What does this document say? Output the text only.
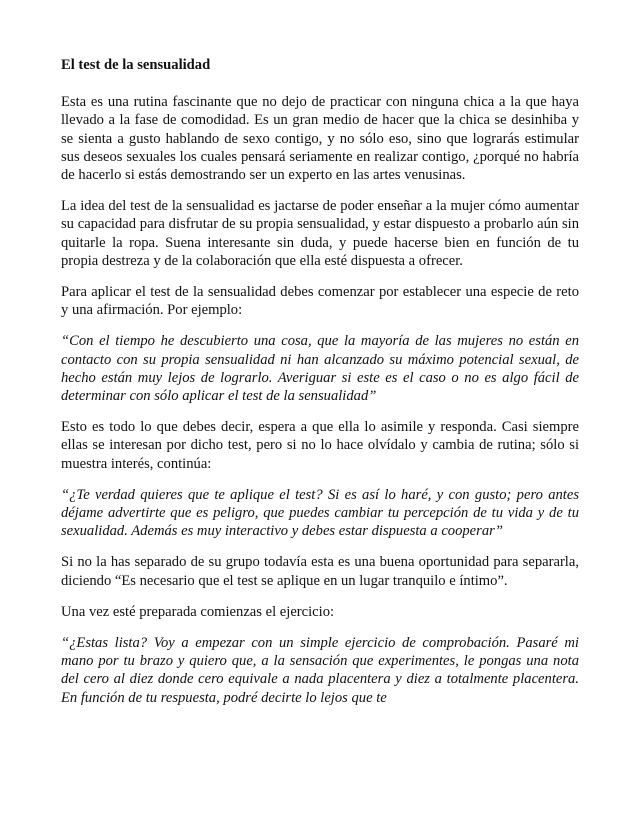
El test de la sensualidad

Esta es una rutina fascinante que no dejo de practicar con ninguna chica a la que haya llevado a la fase de comodidad. Es un gran medio de hacer que la chica se desinhiba y se sienta a gusto hablando de sexo contigo, y no sólo eso, sino que lograrás estimular sus deseos sexuales los cuales pensará seriamente en realizar contigo, ¿porqué no habría de hacerlo si estás demostrando ser un experto en las artes venusinas.

La idea del test de la sensualidad es jactarse de poder enseñar a la mujer cómo aumentar su capacidad para disfrutar de su propia sensualidad, y estar dispuesto a probarlo aún sin quitarle la ropa. Suena interesante sin duda, y puede hacerse bien en función de tu propia destreza y de la colaboración que ella esté dispuesta a ofrecer.

Para aplicar el test de la sensualidad debes comenzar por establecer una especie de reto y una afirmación. Por ejemplo:

“Con el tiempo he descubierto una cosa, que la mayoría de las mujeres no están en contacto con su propia sensualidad ni han alcanzado su máximo potencial sexual, de hecho están muy lejos de lograrlo. Averiguar si este es el caso o no es algo fácil de determinar con sólo aplicar el test de la sensualidad”

Esto es todo lo que debes decir, espera a que ella lo asimile y responda. Casi siempre ellas se interesan por dicho test, pero si no lo hace olvídalo y cambia de rutina; sólo si muestra interés, continúa:

“¿Te verdad quieres que te aplique el test? Si es así lo haré, y con gusto; pero antes déjame advertirte que es peligro, que puedes cambiar tu percepción de tu vida y de tu sexualidad. Además es muy interactivo y debes estar dispuesta a cooperar”

Si no la has separado de su grupo todavía esta es una buena oportunidad para separarla, diciendo “Es necesario que el test se aplique en un lugar tranquilo e íntimo”.

Una vez esté preparada comienzas el ejercicio:

“¿Estas lista? Voy a empezar con un simple ejercicio de comprobación. Pasaré mi mano por tu brazo y quiero que, a la sensación que experimentes, le pongas una nota del cero al diez donde cero equivale a nada placentera y diez a totalmente placentera. En función de tu respuesta, podré decirte lo lejos que te
